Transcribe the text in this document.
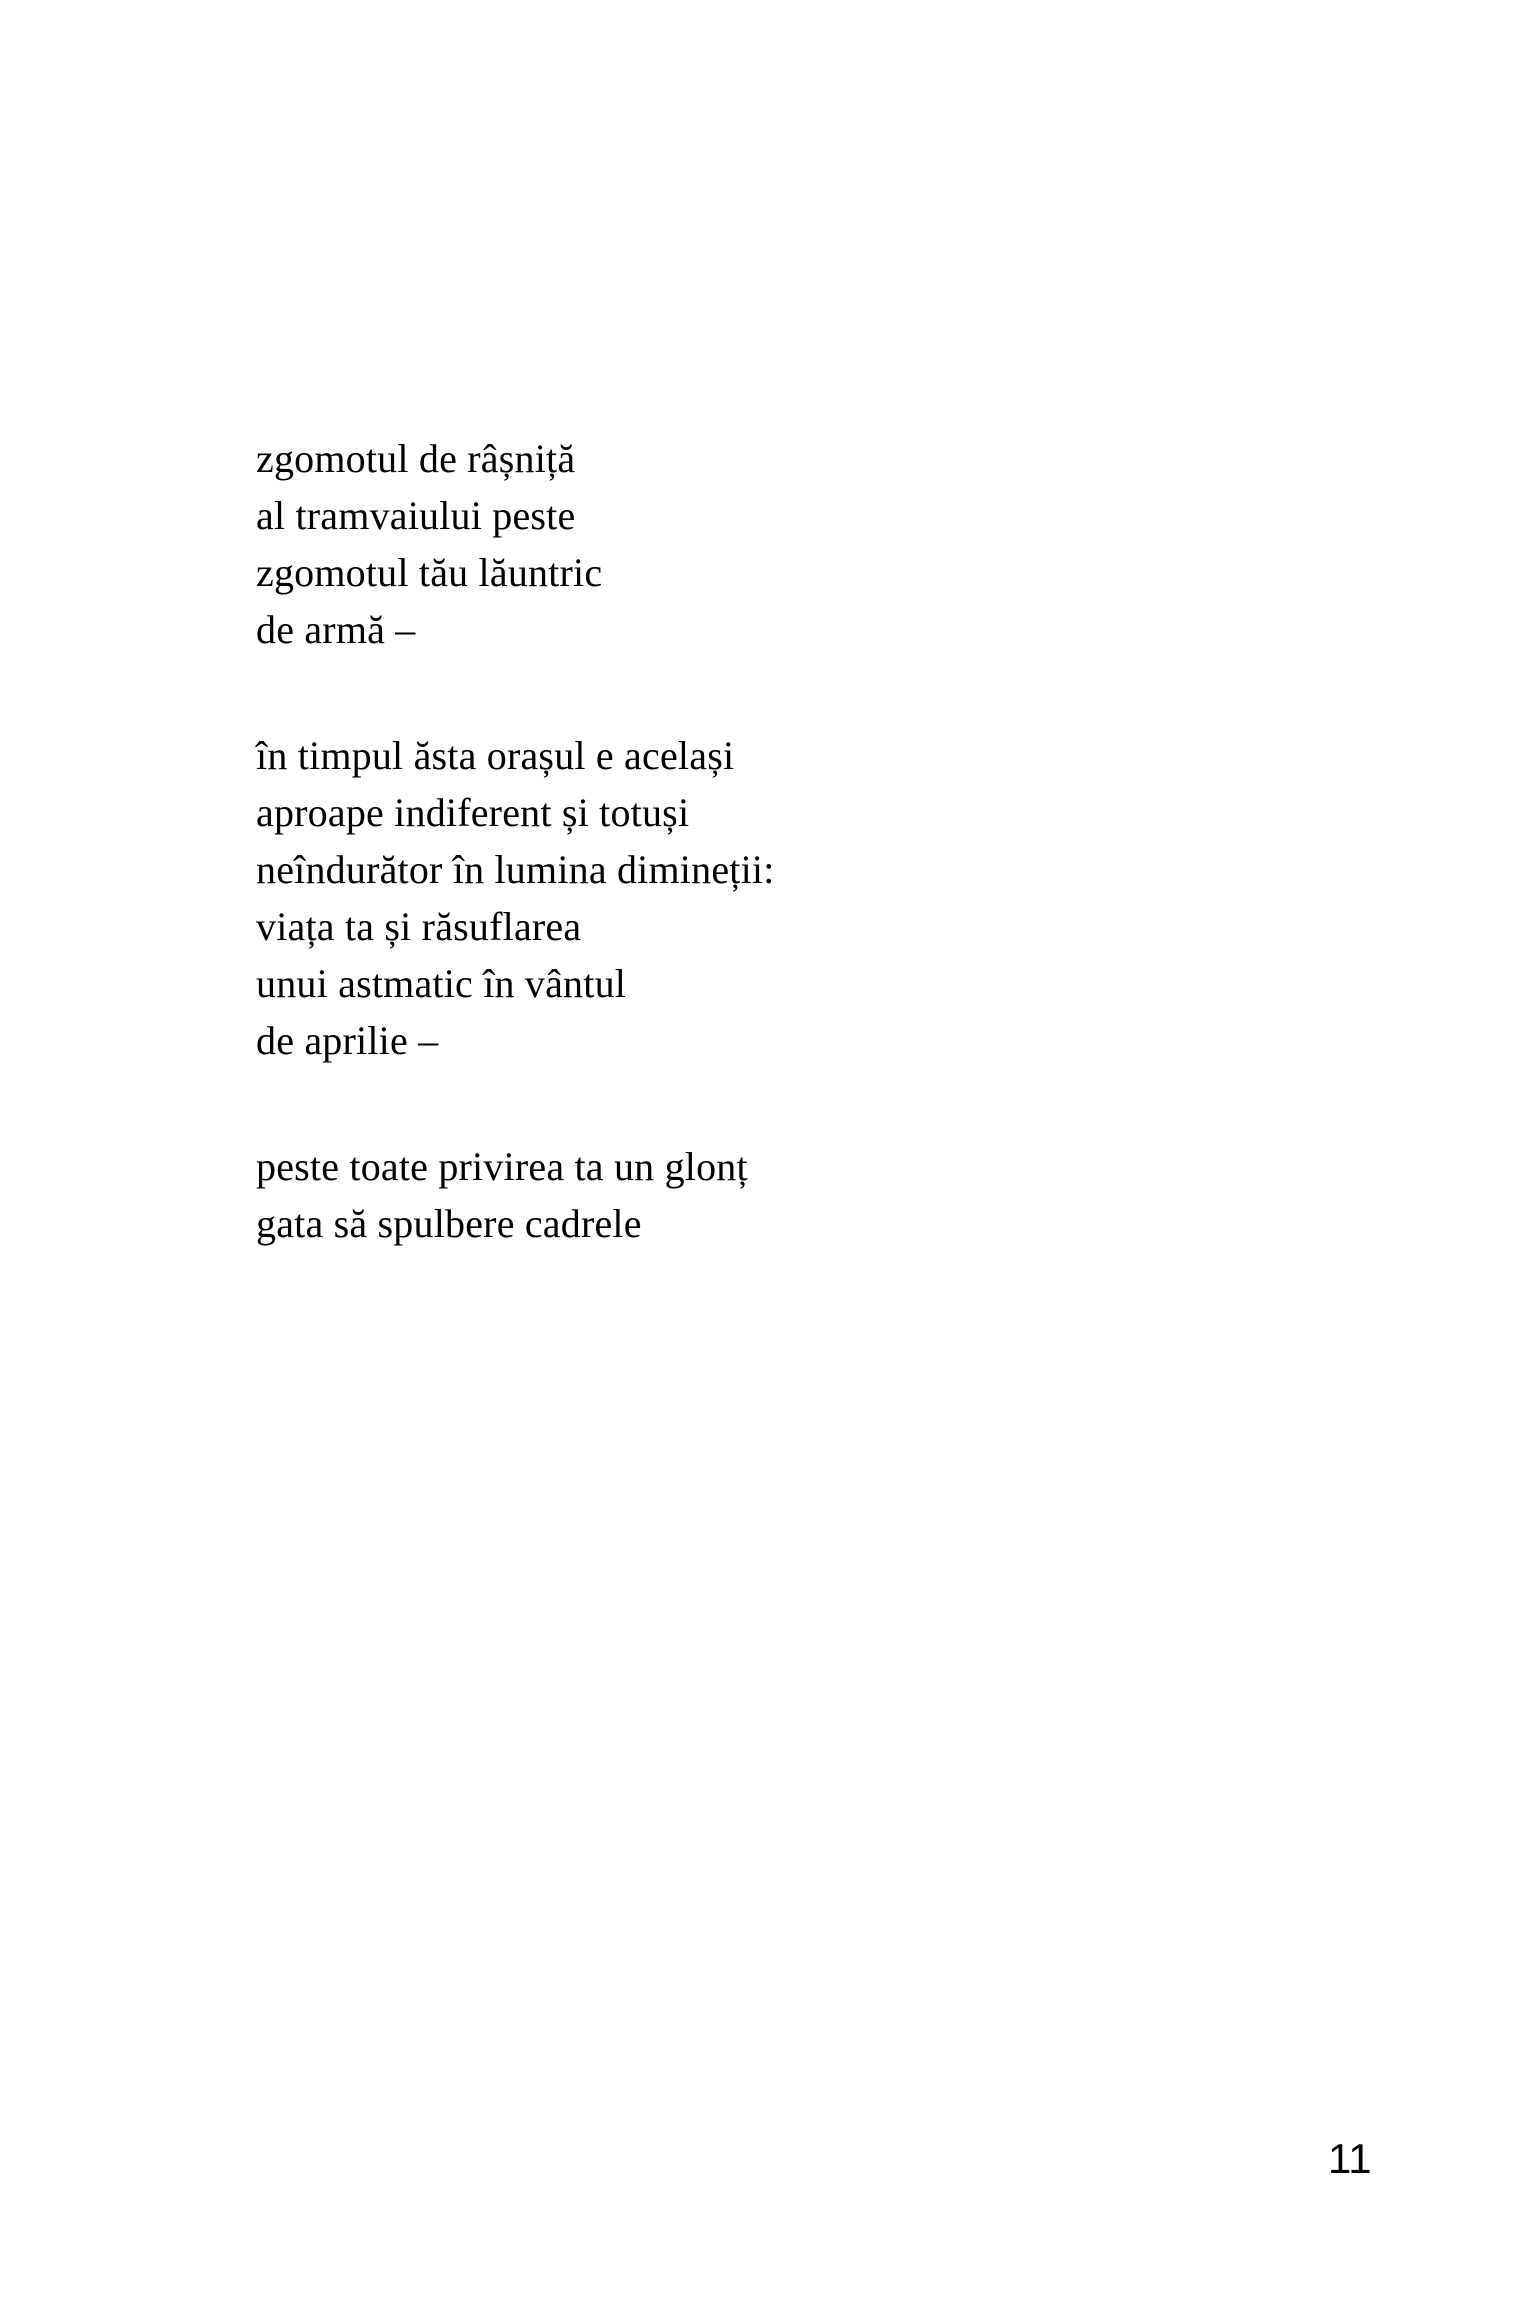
zgomotul de râșniță
al tramvaiului peste
zgomotul tău lăuntric
de armă –
în timpul ăsta orașul e același
aproape indiferent și totuși
neîndurător în lumina dimineții:
viața ta și răsuflarea
unui astmatic în vântul
de aprilie –
peste toate privirea ta un glonț
gata să spulbere cadrele
11
